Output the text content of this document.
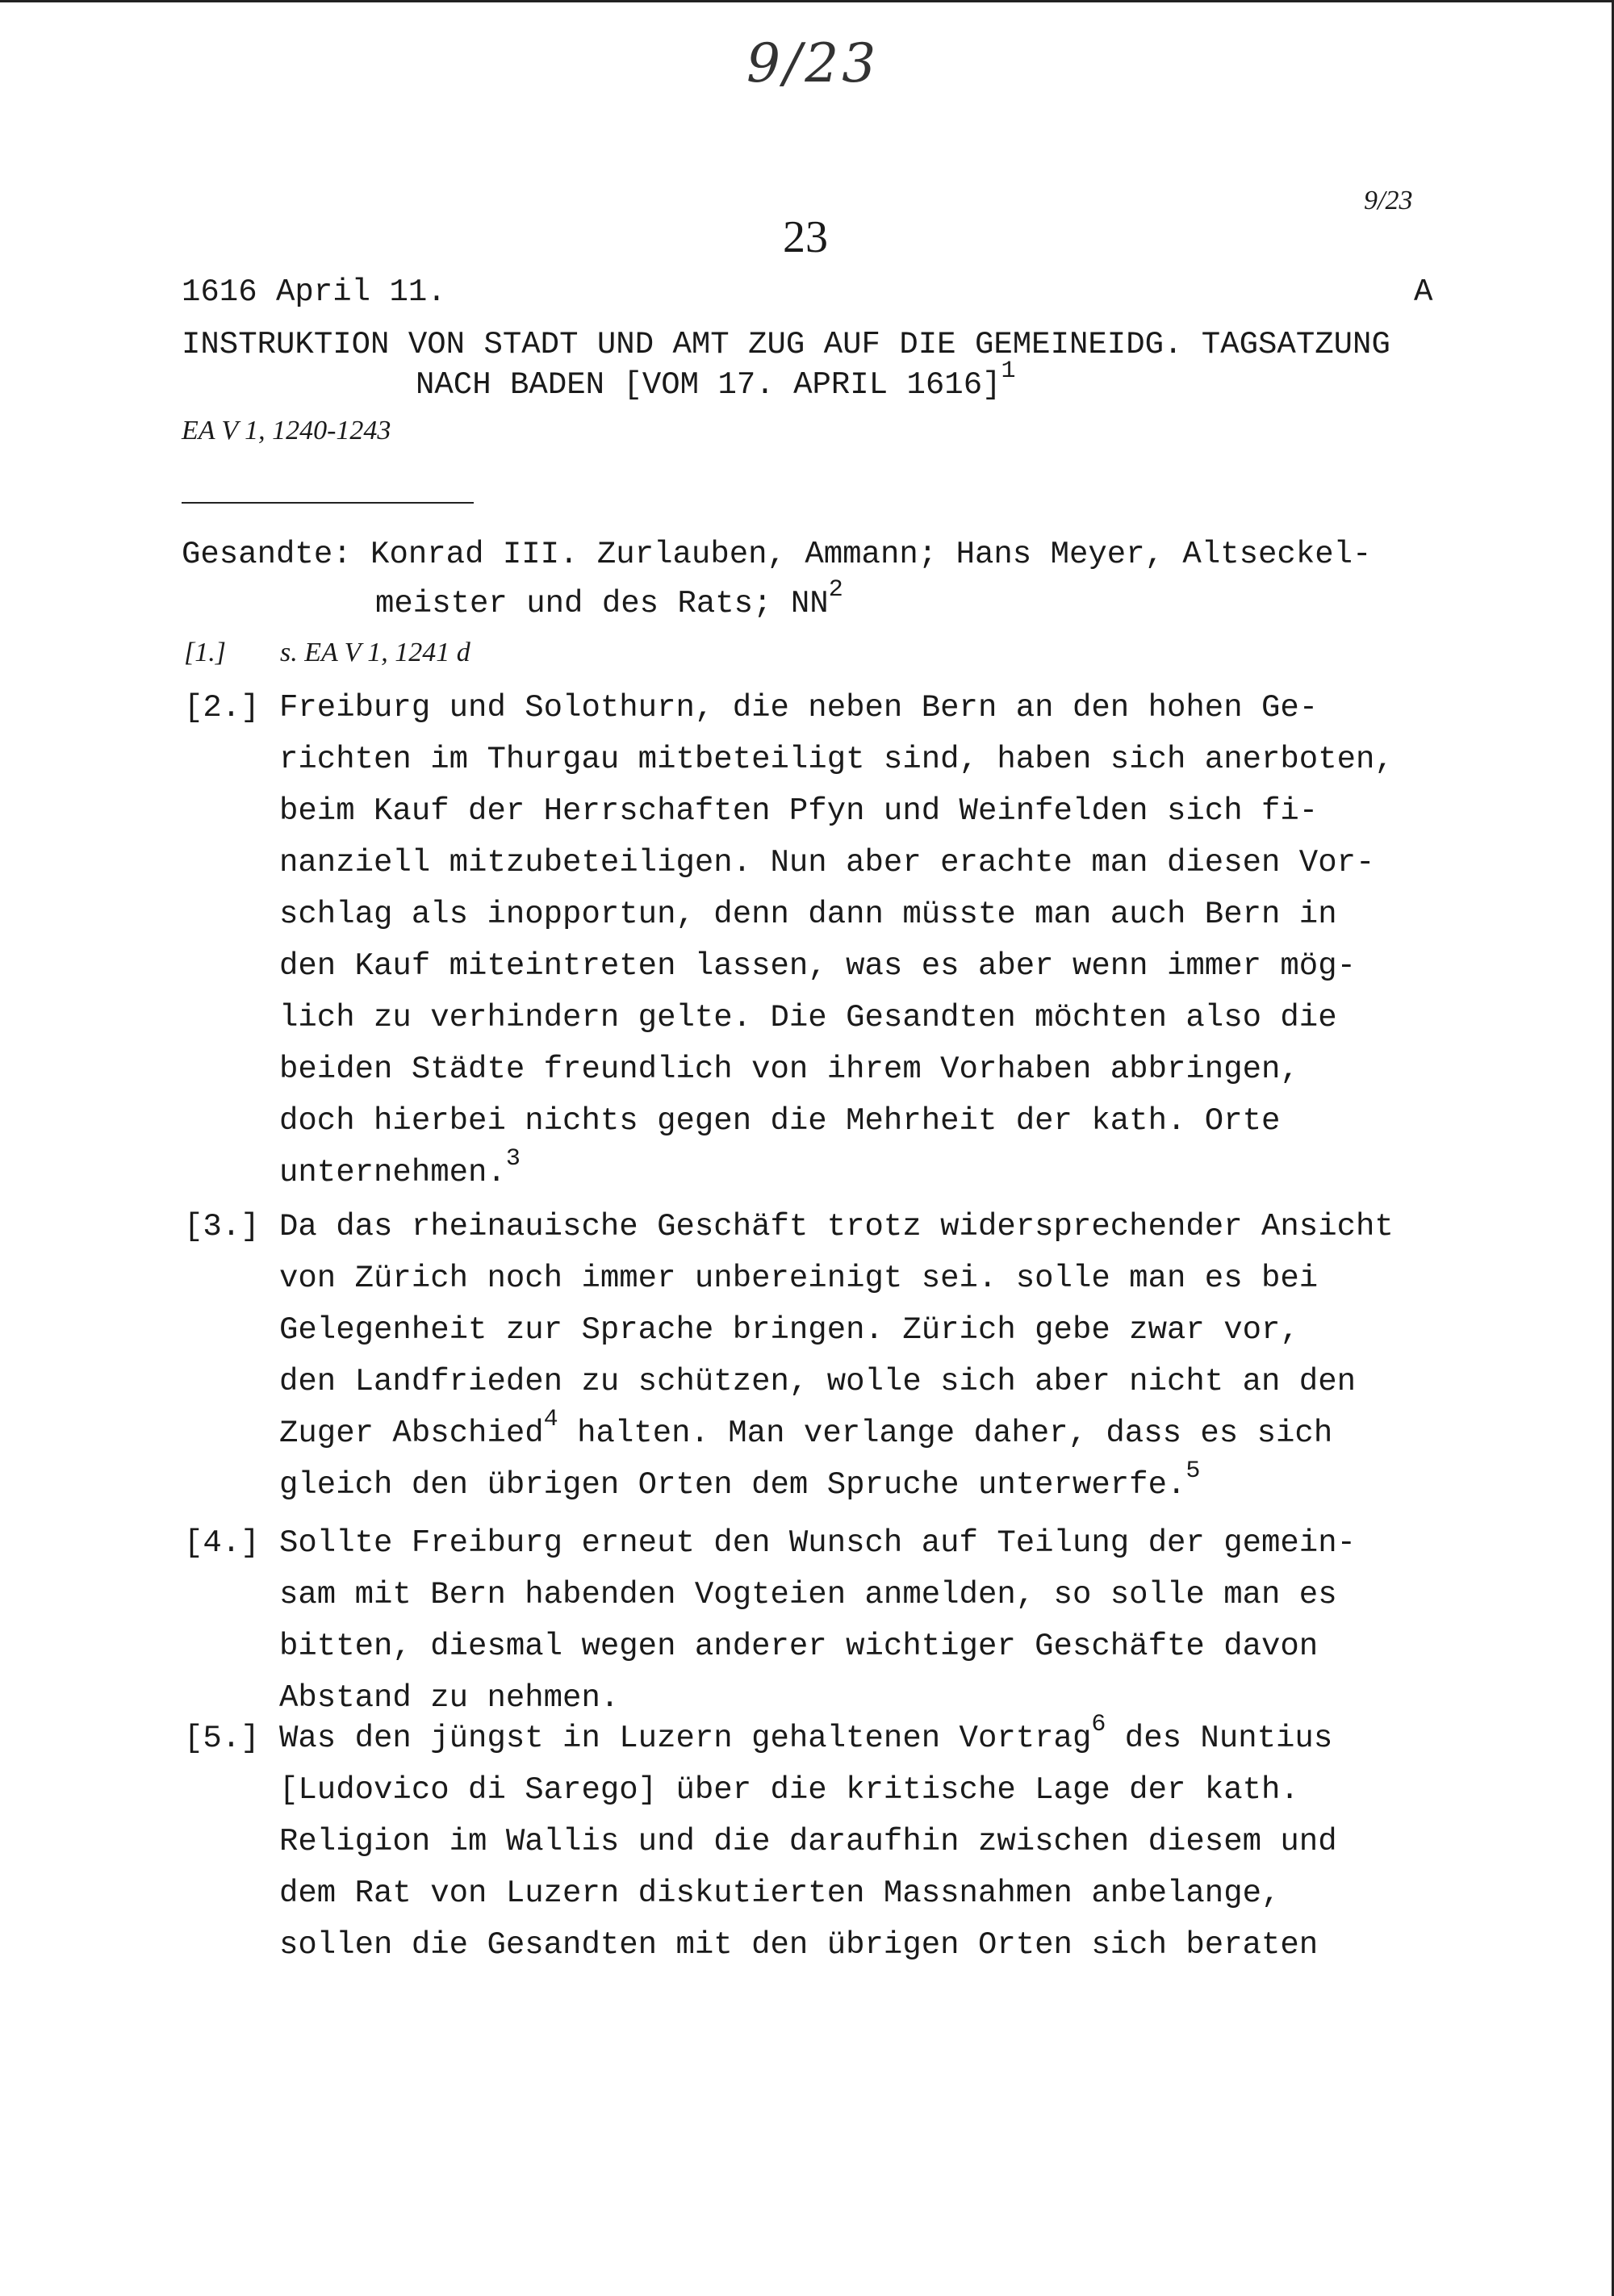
9/23
9/23
23
1616 April 11.	A
INSTRUKTION VON STADT UND AMT ZUG AUF DIE GEMEINEIDG. TAGSATZUNG
NACH BADEN [VOM 17. APRIL 1616]$^1$
EA V 1, 1240-1243
Gesandte: Konrad III. Zurlauben, Ammann; Hans Meyer, Altseckel-
meister und des Rats; NN$^2$
[1.] s. EA V 1, 1241 d
[2.] Freiburg und Solothurn, die neben Bern an den hohen Ge-
richten im Thurgau mitbeteiligt sind, haben sich anerboten,
beim Kauf der Herrschaften Pfyn und Weinfelden sich fi-
nanziell mitzubeteiligen. Nun aber erachte man diesen Vor-
schlag als inopportun, denn dann müsste man auch Bern in
den Kauf miteintreten lassen, was es aber wenn immer mög-
lich zu verhindern gelte. Die Gesandten möchten also die
beiden Städte freundlich von ihrem Vorhaben abbringen,
doch hierbei nichts gegen die Mehrheit der kath. Orte
unternehmen.$^3$
[3.] Da das rheinauische Geschäft trotz widersprechender Ansicht
von Zürich noch immer unbereinigt sei. solle man es bei
Gelegenheit zur Sprache bringen. Zürich gebe zwar vor,
den Landfrieden zu schützen, wolle sich aber nicht an den
Zuger Abschied$^4$ halten. Man verlange daher, dass es sich
gleich den übrigen Orten dem Spruche unterwerfe.$^5$
[4.] Sollte Freiburg erneut den Wunsch auf Teilung der gemein-
sam mit Bern habenden Vogteien anmelden, so solle man es
bitten, diesmal wegen anderer wichtiger Geschäfte davon
Abstand zu nehmen.
[5.] Was den jüngst in Luzern gehaltenen Vortrag$^6$ des Nuntius
[Ludovico di Sarego] über die kritische Lage der kath.
Religion im Wallis und die daraufhin zwischen diesem und
dem Rat von Luzern diskutierten Massnahmen anbelange,
sollen die Gesandten mit den übrigen Orten sich beraten
